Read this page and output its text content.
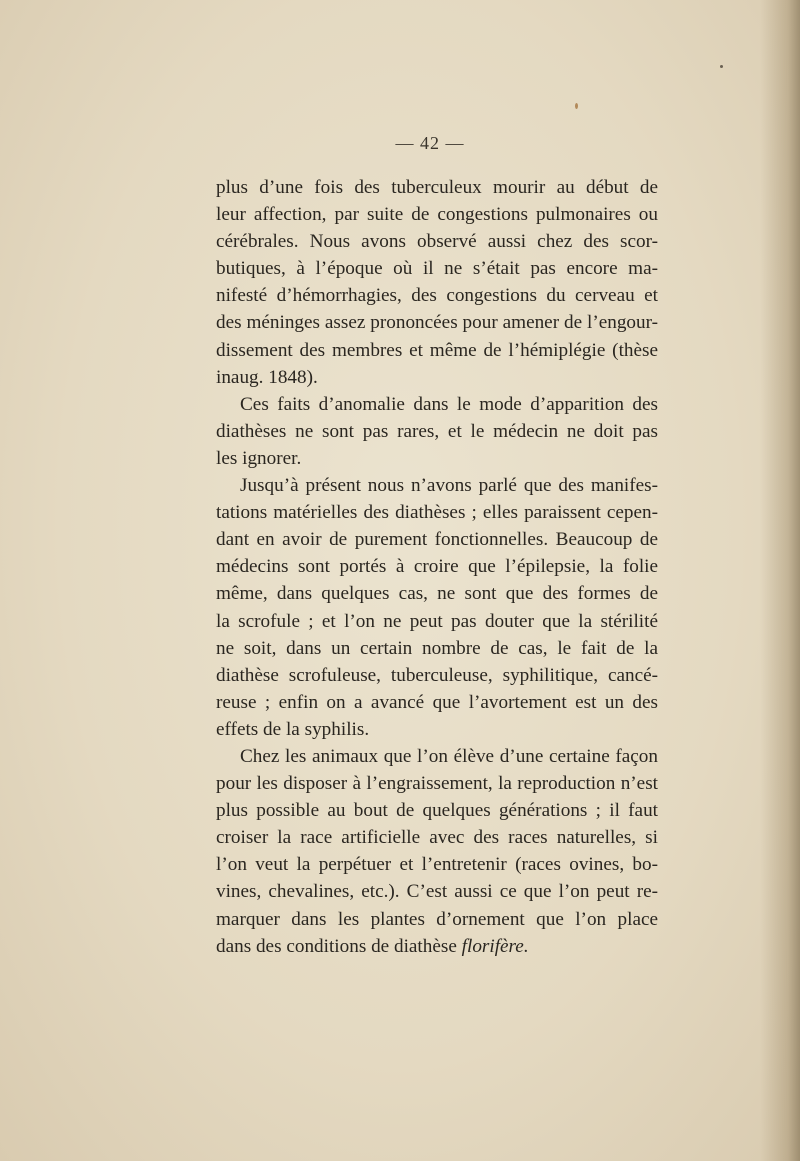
— 42 —
plus d’une fois des tuberculeux mourir au début de
leur affection, par suite de congestions pulmonaires ou
cérébrales. Nous avons observé aussi chez des scor-
butiques, à l’époque où il ne s’était pas encore ma-
nifesté d’hémorrhagies, des congestions du cerveau et
des méninges assez prononcées pour amener de l’engour-
dissement des membres et même de l’hémiplégie (thèse
inaug. 1848).
Ces faits d’anomalie dans le mode d’apparition des
diathèses ne sont pas rares, et le médecin ne doit pas
les ignorer.
Jusqu’à présent nous n’avons parlé que des manifes-
tations matérielles des diathèses ; elles paraissent cepen-
dant en avoir de purement fonctionnelles. Beaucoup de
médecins sont portés à croire que l’épilepsie, la folie
même, dans quelques cas, ne sont que des formes de
la scrofule ; et l’on ne peut pas douter que la stérilité
ne soit, dans un certain nombre de cas, le fait de la
diathèse scrofuleuse, tuberculeuse, syphilitique, cancé-
reuse ; enfin on a avancé que l’avortement est un des
effets de la syphilis.
Chez les animaux que l’on élève d’une certaine façon
pour les disposer à l’engraissement, la reproduction n’est
plus possible au bout de quelques générations ; il faut
croiser la race artificielle avec des races naturelles, si
l’on veut la perpétuer et l’entretenir (races ovines, bo-
vines, chevalines, etc.). C’est aussi ce que l’on peut re-
marquer dans les plantes d’ornement que l’on place
dans des conditions de diathèse florifère.
